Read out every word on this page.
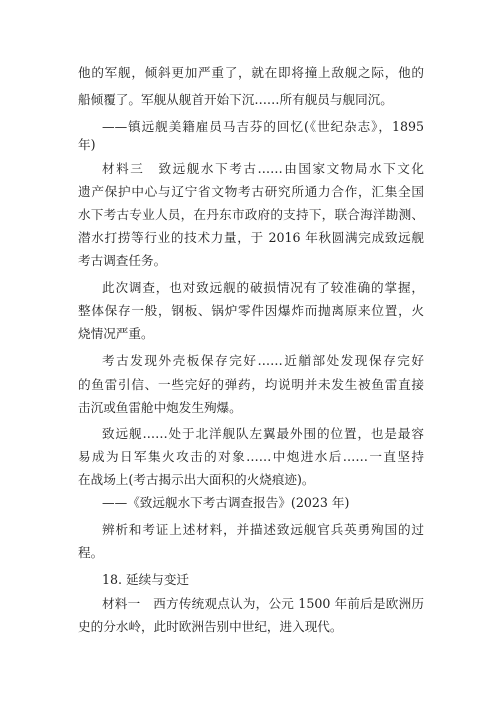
他的军舰，倾斜更加严重了，就在即将撞上敌舰之际，他的
船倾覆了。军舰从舰首开始下沉……所有舰员与舰同沉。
——镇远舰美籍雇员马吉芬的回忆(《世纪杂志》，1895
年)
材料三　致远舰水下考古……由国家文物局水下文化
遗产保护中心与辽宁省文物考古研究所通力合作，汇集全国
水下考古专业人员，在丹东市政府的支持下，联合海洋勘测、
潜水打捞等行业的技术力量，于 2016 年秋圆满完成致远舰
考古调查任务。
此次调查，也对致远舰的破损情况有了较准确的掌握，
整体保存一般，钢板、锅炉零件因爆炸而抛离原来位置，火
烧情况严重。
考古发现外壳板保存完好……近艏部处发现保存完好
的鱼雷引信、一些完好的弹药，均说明并未发生被鱼雷直接
击沉或鱼雷舱中炮发生殉爆。
致远舰……处于北洋舰队左翼最外围的位置，也是最容
易成为日军集火攻击的对象……中炮进水后……一直坚持
在战场上(考古揭示出大面积的火烧痕迹)。
——《致远舰水下考古调查报告》(2023 年)
辨析和考证上述材料，并描述致远舰官兵英勇殉国的过
程。
18. 延续与变迁
材料一　西方传统观点认为，公元 1500 年前后是欧洲历
史的分水岭，此时欧洲告别中世纪，进入现代。
